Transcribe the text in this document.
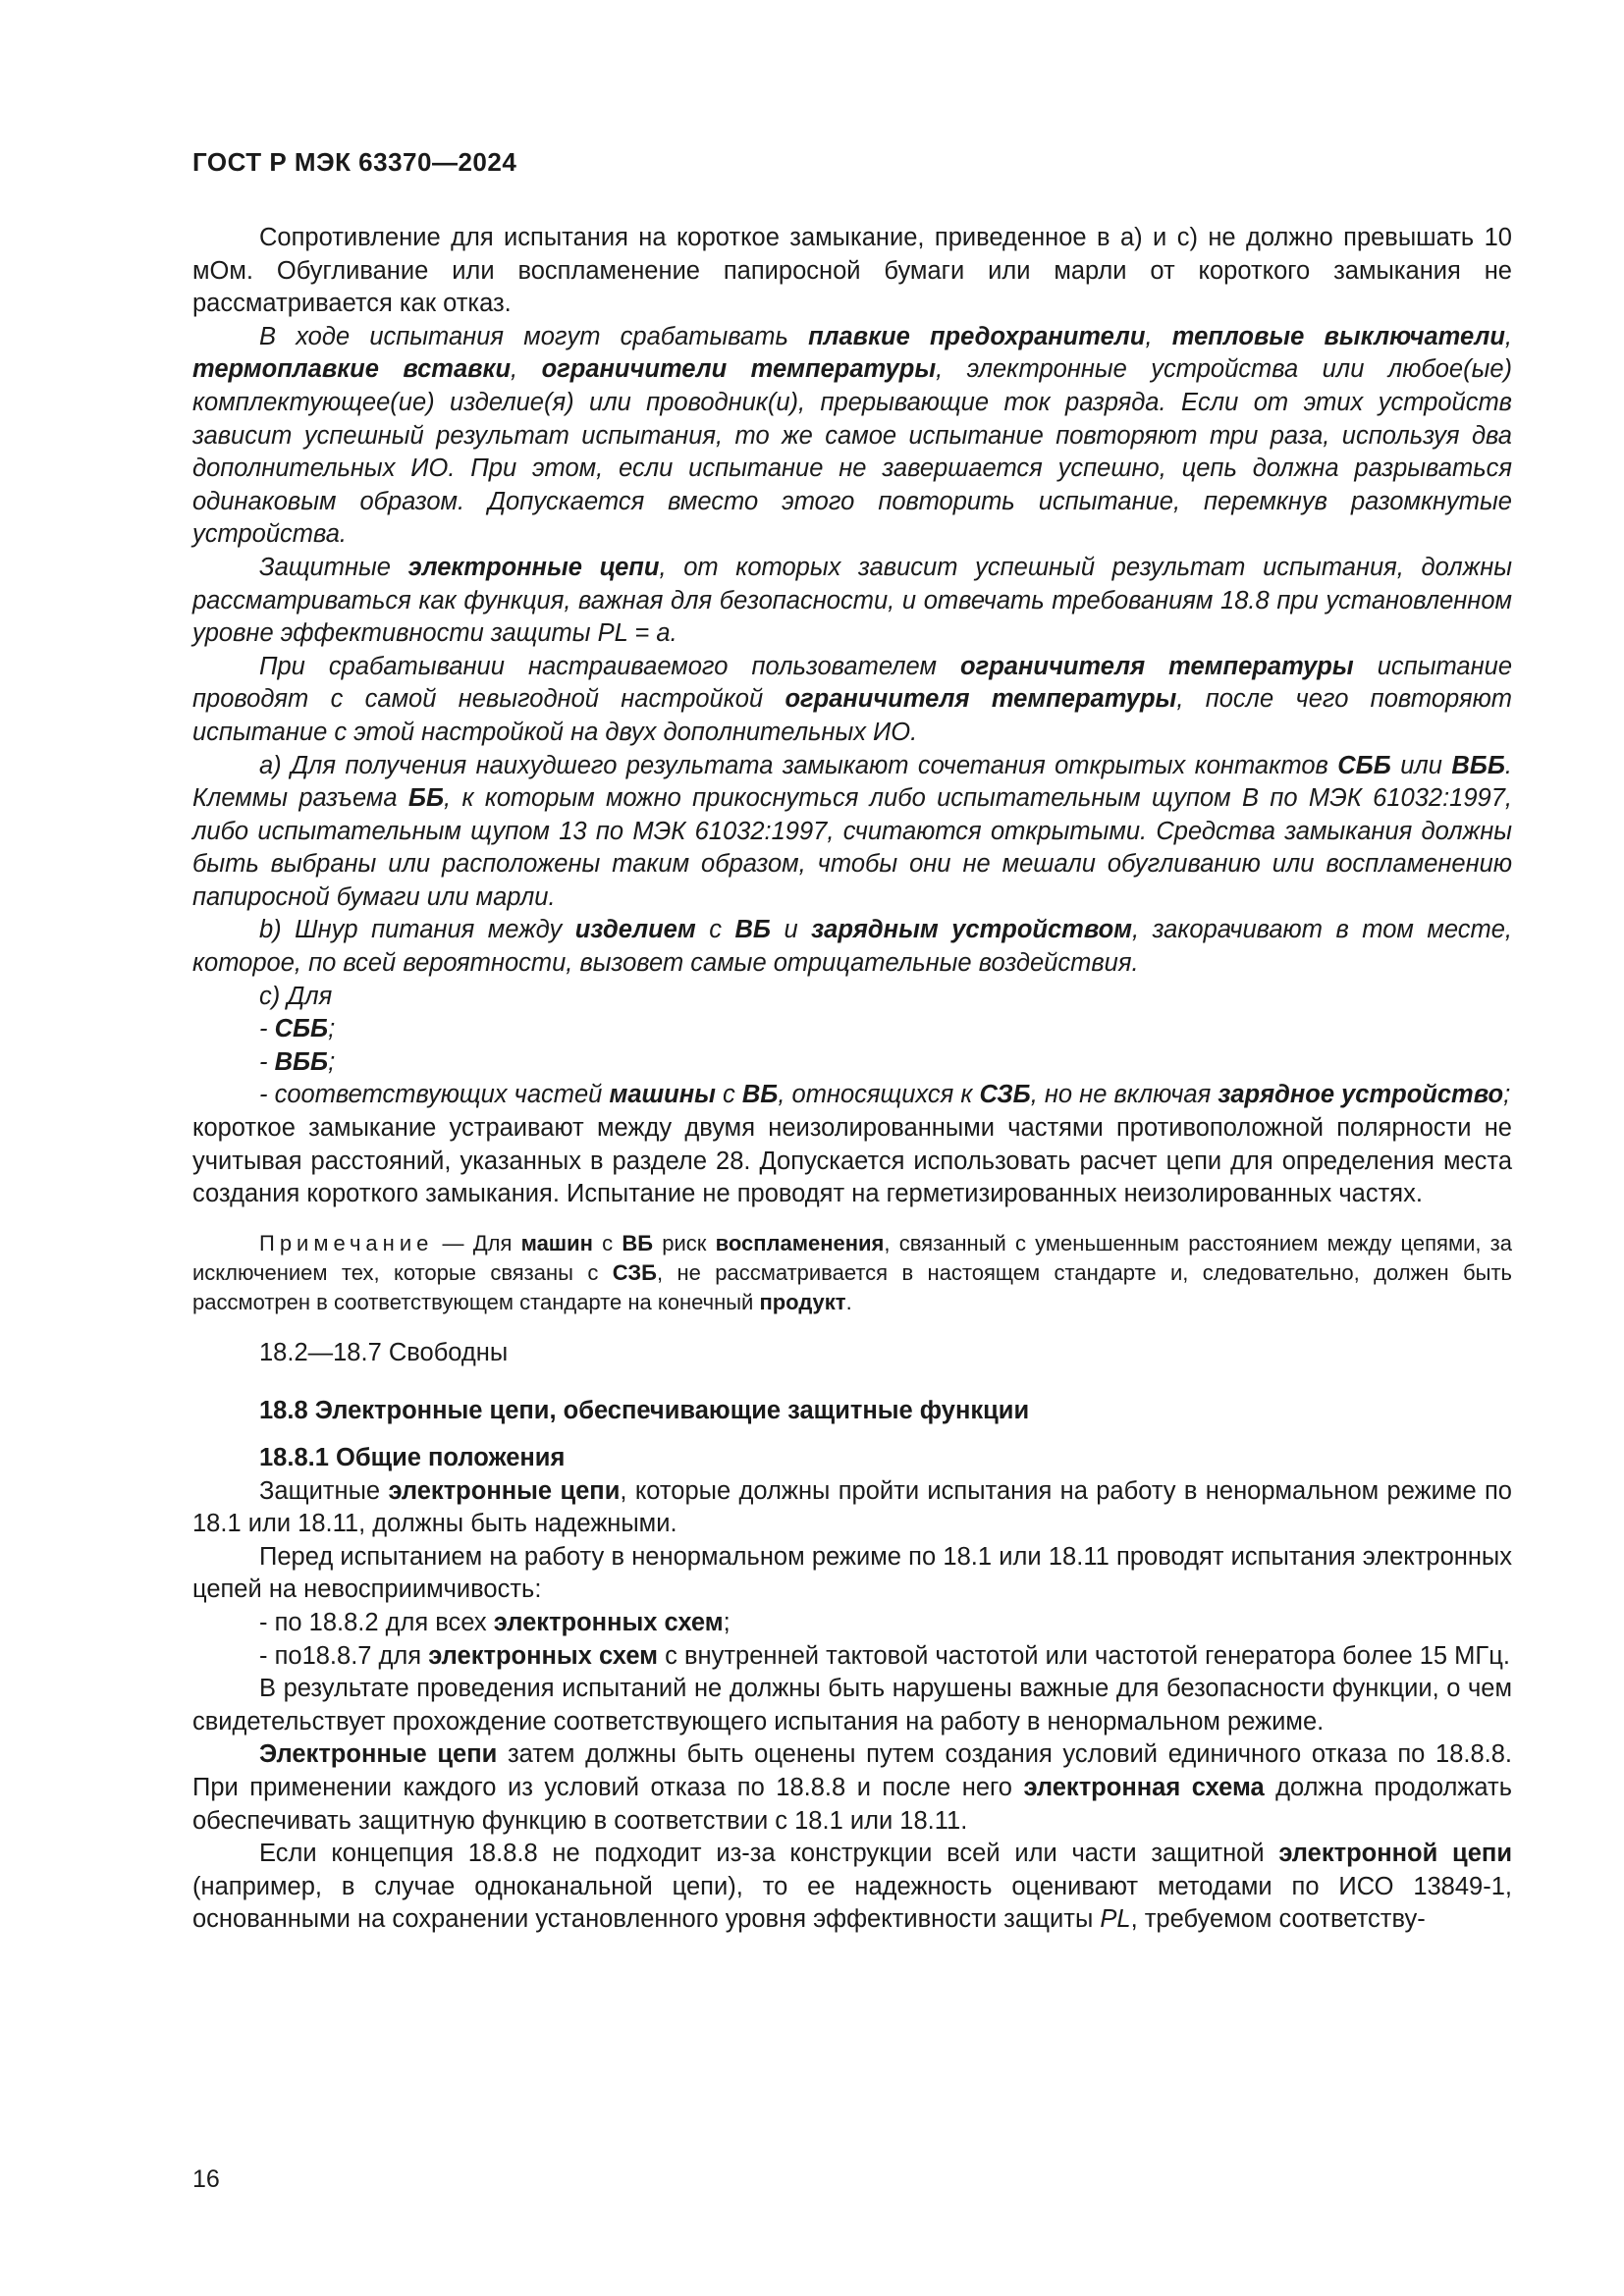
ГОСТ Р МЭК 63370—2024

Сопротивление для испытания на короткое замыкание, приведенное в a) и c) не должно превышать 10 мОм. Обугливание или воспламенение папиросной бумаги или марли от короткого замыкания не рассматривается как отказ.

В ходе испытания могут срабатывать плавкие предохранители, тепловые выключатели, термоплавкие вставки, ограничители температуры, электронные устройства или любое(ые) комплектующее(ие) изделие(я) или проводник(и), прерывающие ток разряда. Если от этих устройств зависит успешный результат испытания, то же самое испытание повторяют три раза, используя два дополнительных ИО. При этом, если испытание не завершается успешно, цепь должна разрываться одинаковым образом. Допускается вместо этого повторить испытание, перемкнув разомкнутые устройства.

Защитные электронные цепи, от которых зависит успешный результат испытания, должны рассматриваться как функция, важная для безопасности, и отвечать требованиям 18.8 при установленном уровне эффективности защиты PL = a.

При срабатывании настраиваемого пользователем ограничителя температуры испытание проводят с самой невыгодной настройкой ограничителя температуры, после чего повторяют испытание с этой настройкой на двух дополнительных ИО.

a) Для получения наихудшего результата замыкают сочетания открытых контактов СББ или ВББ. Клеммы разъема ББ, к которым можно прикоснуться либо испытательным щупом B по МЭК 61032:1997, либо испытательным щупом 13 по МЭК 61032:1997, считаются открытыми. Средства замыкания должны быть выбраны или расположены таким образом, чтобы они не мешали обугливанию или воспламенению папиросной бумаги или марли.

b) Шнур питания между изделием с ВБ и зарядным устройством, закорачивают в том месте, которое, по всей вероятности, вызовет самые отрицательные воздействия.

c) Для

- СББ;

- ВББ;

- соответствующих частей машины с ВБ, относящихся к СЗБ, но не включая зарядное устройство;

короткое замыкание устраивают между двумя неизолированными частями противоположной полярности не учитывая расстояний, указанных в разделе 28. Допускается использовать расчет цепи для определения места создания короткого замыкания. Испытание не проводят на герметизированных неизолированных частях.

Примечание — Для машин с ВБ риск воспламенения, связанный с уменьшенным расстоянием между цепями, за исключением тех, которые связаны с СЗБ, не рассматривается в настоящем стандарте и, следовательно, должен быть рассмотрен в соответствующем стандарте на конечный продукт.

18.2—18.7 Свободны

18.8 Электронные цепи, обеспечивающие защитные функции

18.8.1 Общие положения

Защитные электронные цепи, которые должны пройти испытания на работу в ненормальном режиме по 18.1 или 18.11, должны быть надежными.

Перед испытанием на работу в ненормальном режиме по 18.1 или 18.11 проводят испытания электронных цепей на невосприимчивость:

- по 18.8.2 для всех электронных схем;

- по18.8.7 для электронных схем с внутренней тактовой частотой или частотой генератора более 15 МГц.

В результате проведения испытаний не должны быть нарушены важные для безопасности функции, о чем свидетельствует прохождение соответствующего испытания на работу в ненормальном режиме.

Электронные цепи затем должны быть оценены путем создания условий единичного отказа по 18.8.8. При применении каждого из условий отказа по 18.8.8 и после него электронная схема должна продолжать обеспечивать защитную функцию в соответствии с 18.1 или 18.11.

Если концепция 18.8.8 не подходит из-за конструкции всей или части защитной электронной цепи (например, в случае одноканальной цепи), то ее надежность оценивают методами по ИСО 13849-1, основанными на сохранении установленного уровня эффективности защиты PL, требуемом соответству-

16
